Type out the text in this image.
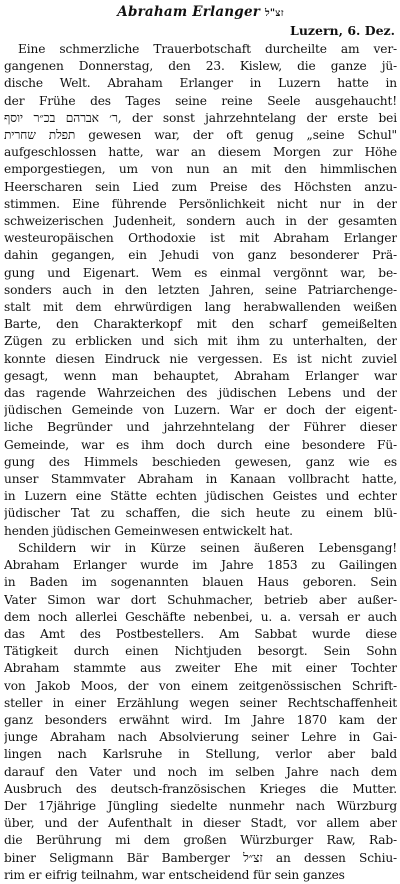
Abraham Erlanger זצ"ל
Luzern, 6. Dez.

Eine schmerzliche Trauerbotschaft durcheilte am ver-

gangenen Donnerstag, den 23. Kislew, die ganze jü-

dische Welt. Abraham Erlanger in Luzern hatte in

der Frühe des Tages seine reine Seele ausgehaucht!

ר׳ אברהם בכ״ר יוסף, der sonst jahrzehntelang der erste bei

תפלת שחרית gewesen war, der oft genug „seine Schul"

aufgeschlossen hatte, war an diesem Morgen zur Höhe

emporgestiegen, um von nun an mit den himmlischen

Heerscharen sein Lied zum Preise des Höchsten anzu-

stimmen. Eine führende Persönlichkeit nicht nur in der

schweizerischen Judenheit, sondern auch in der gesamten

westeuropäischen Orthodoxie ist mit Abraham Erlanger

dahin gegangen, ein Jehudi von ganz besonderer Prä-

gung und Eigenart. Wem es einmal vergönnt war, be-

sonders auch in den letzten Jahren, seine Patriarchenge-

stalt mit dem ehrwürdigen lang herabwallenden weißen

Barte, den Charakterkopf mit den scharf gemeißelten

Zügen zu erblicken und sich mit ihm zu unterhalten, der

konnte diesen Eindruck nie vergessen. Es ist nicht zuviel

gesagt, wenn man behauptet, Abraham Erlanger war

das ragende Wahrzeichen des jüdischen Lebens und der

jüdischen Gemeinde von Luzern. War er doch der eigent-

liche Begründer und jahrzehntelang der Führer dieser

Gemeinde, war es ihm doch durch eine besondere Fü-

gung des Himmels beschieden gewesen, ganz wie es

unser Stammvater Abraham in Kanaan vollbracht hatte,

in Luzern eine Stätte echten jüdischen Geistes und echter

jüdischer Tat zu schaffen, die sich heute zu einem blü-

henden jüdischen Gemeinwesen entwickelt hat.

Schildern wir in Kürze seinen äußeren Lebensgang!

Abraham Erlanger wurde im Jahre 1853 zu Gailingen

in Baden im sogenannten blauen Haus geboren. Sein

Vater Simon war dort Schuhmacher, betrieb aber außer-

dem noch allerlei Geschäfte nebenbei, u. a. versah er auch

das Amt des Postbestellers. Am Sabbat wurde diese

Tätigkeit durch einen Nichtjuden besorgt. Sein Sohn

Abraham stammte aus zweiter Ehe mit einer Tochter

von Jakob Moos, der von einem zeitgenössischen Schrift-

steller in einer Erzählung wegen seiner Rechtschaffenheit

ganz besonders erwähnt wird. Im Jahre 1870 kam der

junge Abraham nach Absolvierung seiner Lehre in Gai-

lingen nach Karlsruhe in Stellung, verlor aber bald

darauf den Vater und noch im selben Jahre nach dem

Ausbruch des deutsch-französischen Krieges die Mutter.

Der 17jährige Jüngling siedelte nunmehr nach Würzburg

über, und der Aufenthalt in dieser Stadt, vor allem aber

die Berührung mi dem großen Würzburger Raw, Rab-

biner Seligmann Bär Bamberger זצ״ל an dessen Schiu-

rim er eifrig teilnahm, war entscheidend für sein ganzes
